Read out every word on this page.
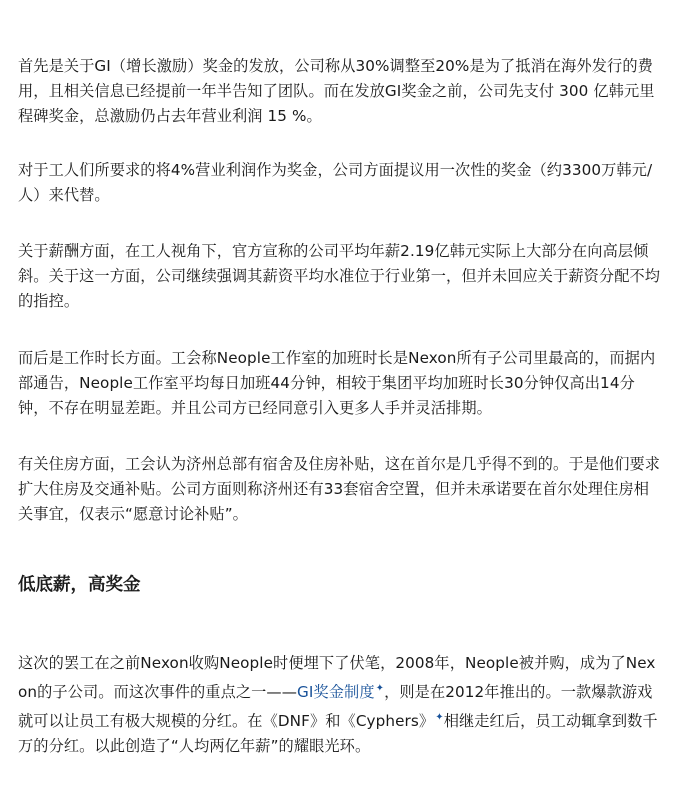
首先是关于GI（增长激励）奖金的发放，公司称从30%调整至20%是为了抵消在海外发行的费用，且相关信息已经提前一年半告知了团队。而在发放GI奖金之前，公司先支付 300 亿韩元里程碑奖金，总激励仍占去年营业利润 15 %。

对于工人们所要求的将4%营业利润作为奖金，公司方面提议用一次性的奖金（约3300万韩元/人）来代替。

关于薪酬方面，在工人视角下，官方宣称的公司平均年薪2.19亿韩元实际上大部分在向高层倾斜。关于这一方面，公司继续强调其薪资平均水准位于行业第一，但并未回应关于薪资分配不均的指控。

而后是工作时长方面。工会称Neople工作室的加班时长是Nexon所有子公司里最高的，而据内部通告，Neople工作室平均每日加班44分钟，相较于集团平均加班时长30分钟仅高出14分钟，不存在明显差距。并且公司方已经同意引入更多人手并灵活排期。

有关住房方面，工会认为济州总部有宿舍及住房补贴，这在首尔是几乎得不到的。于是他们要求扩大住房及交通补贴。公司方面则称济州还有33套宿舍空置，但并未承诺要在首尔处理住房相关事宜，仅表示“愿意讨论补贴”。

低底薪，高奖金

这次的罢工在之前Nexon收购Neople时便埋下了伏笔，2008年，Neople被并购，成为了Nexon的子公司。而这次事件的重点之一——GI奖金制度✦，则是在2012年推出的。一款爆款游戏就可以让员工有极大规模的分红。在《DNF》和《Cyphers》✦相继走红后，员工动辄拿到数千万的分红。以此创造了“人均两亿年薪”的耀眼光环。
